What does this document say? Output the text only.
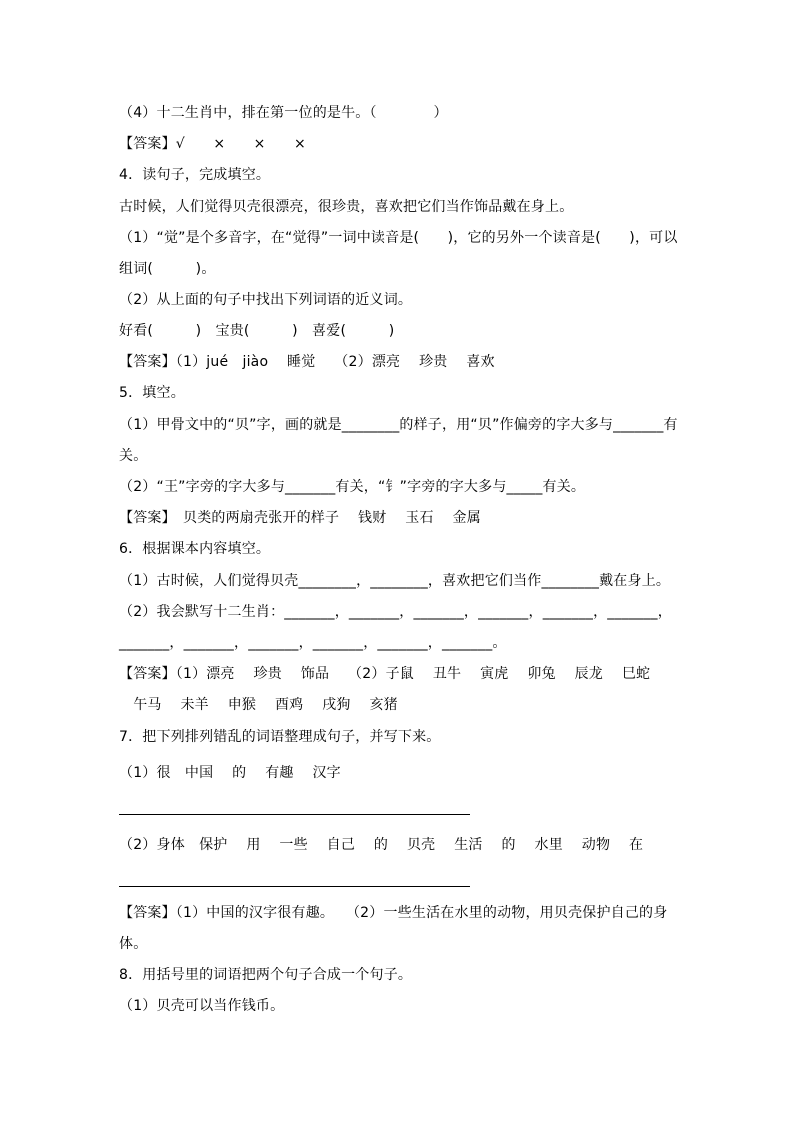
（4）十二生肖中，排在第一位的是牛。（　　　　）
【答案】√　　×　　×　　×
4．读句子，完成填空。
古时候，人们觉得贝壳很漂亮，很珍贵，喜欢把它们当作饰品戴在身上。
（1）“觉”是个多音字，在“觉得”一词中读音是(　　)，它的另外一个读音是(　　)，可以
组词(　　　)。
（2）从上面的句子中找出下列词语的近义词。
好看(　　　)　宝贵(　　　)　喜爱(　　　)
【答案】（1）jué　jiào　 睡觉　 （2）漂亮　 珍贵　 喜欢
5．填空。
（1）甲骨文中的“贝”字，画的就是________的样子，用“贝”作偏旁的字大多与_______有
关。
（2）“王”字旁的字大多与_______有关，“钅”字旁的字大多与_____有关。
【答案】　贝类的两扇壳张开的样子　 钱财　 玉石　 金属
6．根据课本内容填空。
（1）古时候，人们觉得贝壳________，________，喜欢把它们当作________戴在身上。
（2）我会默写十二生肖：_______，_______，_______，_______，_______，_______，
_______，_______，_______，_______，_______，_______。
【答案】（1）漂亮　 珍贵　 饰品　 （2）子鼠　 丑牛　 寅虎　 卯兔　 辰龙　 巳蛇
　午马　 未羊　 申猴　 酉鸡　 戌狗　 亥猪
7．把下列排列错乱的词语整理成句子，并写下来。
（1）很　中国　 的　 有趣　 汉字
（2）身体　保护　 用　 一些　 自己　 的　 贝壳　 生活　 的　 水里　 动物　 在
【答案】（1）中国的汉字很有趣。　 （2）一些生活在水里的动物，用贝壳保护自己的身
体。
8．用括号里的词语把两个句子合成一个句子。
（1）贝壳可以当作钱币。
